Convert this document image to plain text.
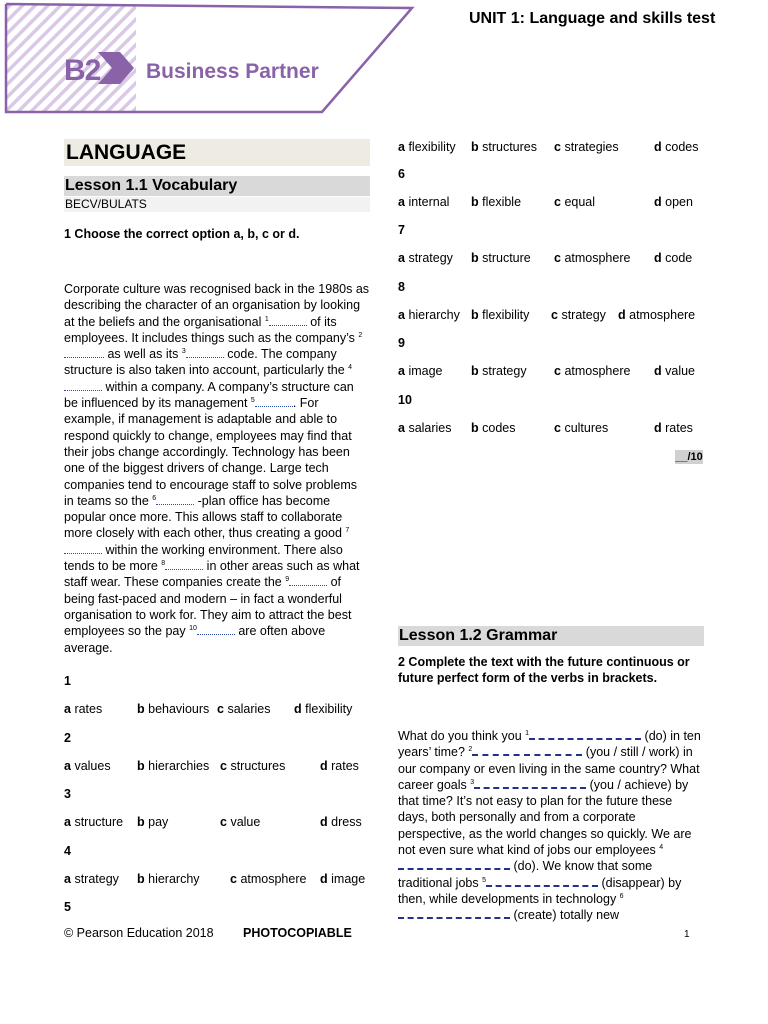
B2 Business Partner
UNIT 1: Language and skills test
LANGUAGE
Lesson 1.1 Vocabulary
BECV/BULATS
1 Choose the correct option a, b, c or d.
Corporate culture was recognised back in the 1980s as describing the character of an organisation by looking at the beliefs and the organisational $^1$	of its employees. It includes things such as the company’s $^2$ as well as its $^3$	code. The company structure is also taken into account, particularly the $^4$ within a company. A company’s structure can be influenced by its management $^5$	. For example, if management is adaptable and able to respond quickly to change, employees may find that their jobs change accordingly. Technology has been one of the biggest drivers of change. Large tech companies tend to encourage staff to solve problems in teams so the $^6$	-plan office has become popular once more. This allows staff to collaborate more closely with each other, thus creating a good $^7$ within the working environment. There also tends to be more $^8$	in other areas such as what staff wear. These companies create the $^9$	of being fast-paced and modern – in fact a wonderful organisation to work for. They aim to attract the best employees so the pay $^{10}$	are often above average.
1
a rates	b behaviours c salaries d flexibility
2
a values b hierarchies c structures	d rates
3
a structure b pay	c value	d dress
4
a strategy b hierarchy c atmosphere d image
5
a flexibility b structures c strategies	d codes
6
a internal b flexible	c equal	d open
7
a strategy b structure c atmosphere d code
8
a hierarchy b flexibility c strategy d atmosphere
9
a image b strategy c atmosphere d value
10
a salaries b codes	c cultures	d rates
__/10
Lesson 1.2 Grammar
2 Complete the text with the future continuous or future perfect form of the verbs in brackets.
What do you think you $^1$	(do) in ten years’ time? $^2$	(you / still / work) in our company or even living in the same country? What career goals $^3$	(you / achieve) by that time? It’s not easy to plan for the future these days, both personally and from a corporate perspective, as the world changes so quickly. We are not even sure what kind of jobs our employees $^4$ (do). We know that some traditional jobs $^5$	(disappear) by then, while developments in technology $^6$ (create) totally new
© Pearson Education 2018 PHOTOCOPIABLE	1
